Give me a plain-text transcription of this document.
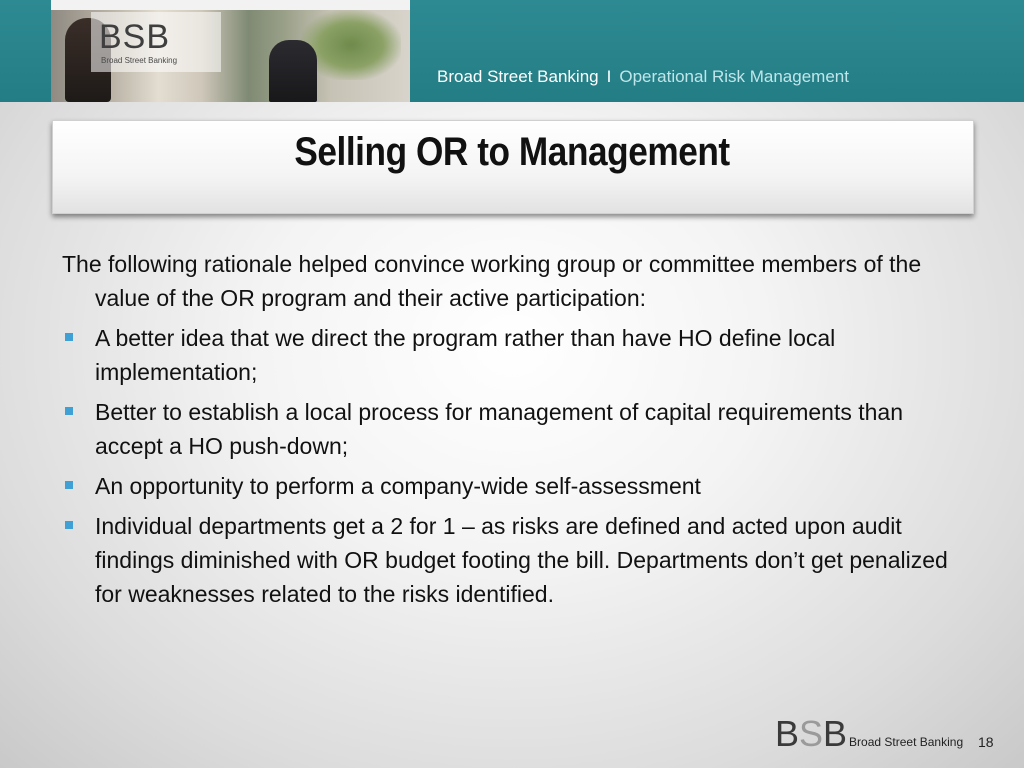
BSB
Broad Street Banking
Broad Street Banking I Operational Risk Management
Selling OR to Management

The following rationale helped convince working group or committee members of the value of the OR program and their active participation:

A better idea that we direct the program rather than have HO define local implementation;
Better to establish a local process for management of capital requirements than accept a HO push-down;
An opportunity to perform a company-wide self-assessment
Individual departments get a 2 for 1 – as risks are defined and acted upon audit findings diminished with OR budget footing the bill. Departments don’t get penalized for weaknesses related to the risks identified.
BSB Broad Street Banking 18
